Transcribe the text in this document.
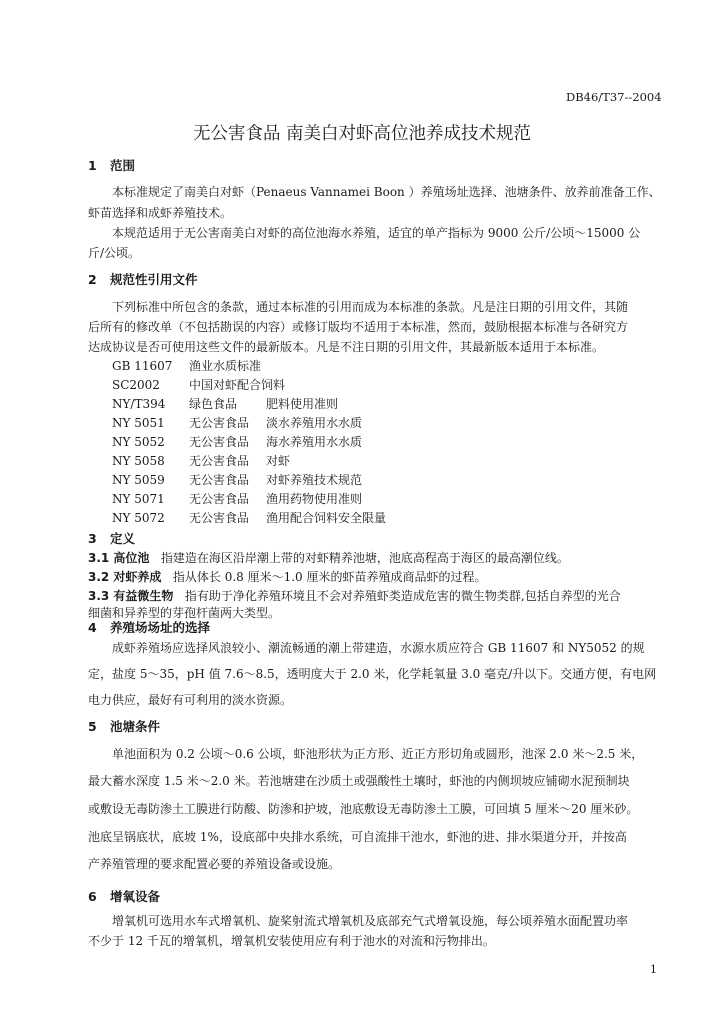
DB46/T37--2004
无公害食品 南美白对虾高位池养成技术规范
1 范围
本标准规定了南美白对虾（Penaeus Vannamei Boon ）养殖场址选择、池塘条件、放养前准备工作、
虾苗选择和成虾养殖技术。
本规范适用于无公害南美白对虾的高位池海水养殖，适宜的单产指标为 9000 公斤/公顷～15000 公
斤/公顷。
2 规范性引用文件
下列标准中所包含的条款，通过本标准的引用而成为本标准的条款。凡是注日期的引用文件，其随
后所有的修改单（不包括勘误的内容）或修订版均不适用于本标准，然而，鼓励根据本标准与各研究方
达成协议是否可使用这些文件的最新版本。凡是不注日期的引用文件，其最新版本适用于本标准。
GB 11607 渔业水质标准
SC2002 中国对虾配合饲料
NY/T394 绿色食品 肥料使用准则
NY 5051 无公害食品 淡水养殖用水水质
NY 5052 无公害食品 海水养殖用水水质
NY 5058 无公害食品 对虾
NY 5059 无公害食品 对虾养殖技术规范
NY 5071 无公害食品 渔用药物使用准则
NY 5072 无公害食品 渔用配合饲料安全限量
3 定义
3.1 高位池 指建造在海区沿岸潮上带的对虾精养池塘，池底高程高于海区的最高潮位线。
3.2 对虾养成 指从体长 0.8 厘米～1.0 厘米的虾苗养殖成商品虾的过程。
3.3 有益微生物 指有助于净化养殖环境且不会对养殖虾类造成危害的微生物类群,包括自养型的光合
细菌和异养型的芽孢杆菌两大类型。
4 养殖场场址的选择
成虾养殖场应选择风浪较小、潮流畅通的潮上带建造，水源水质应符合 GB 11607 和 NY5052 的规
定，盐度 5～35，pH 值 7.6～8.5，透明度大于 2.0 米，化学耗氧量 3.0 毫克/升以下。交通方便，有电网
电力供应，最好有可利用的淡水资源。
5 池塘条件
单池面积为 0.2 公顷～0.6 公顷，虾池形状为正方形、近正方形切角或圆形，池深 2.0 米～2.5 米，
最大蓄水深度 1.5 米～2.0 米。若池塘建在沙质土或强酸性土壤时，虾池的内侧坝坡应铺砌水泥预制块
或敷设无毒防渗土工膜进行防酸、防渗和护坡，池底敷设无毒防渗土工膜，可回填 5 厘米～20 厘米砂。
池底呈锅底状，底坡 1%，设底部中央排水系统，可自流排干池水，虾池的进、排水渠道分开，并按高
产养殖管理的要求配置必要的养殖设备或设施。
6 增氧设备
增氧机可选用水车式增氧机、旋桨射流式增氧机及底部充气式增氧设施，每公顷养殖水面配置功率
不少于 12 千瓦的增氧机，增氧机安装使用应有利于池水的对流和污物排出。
1
